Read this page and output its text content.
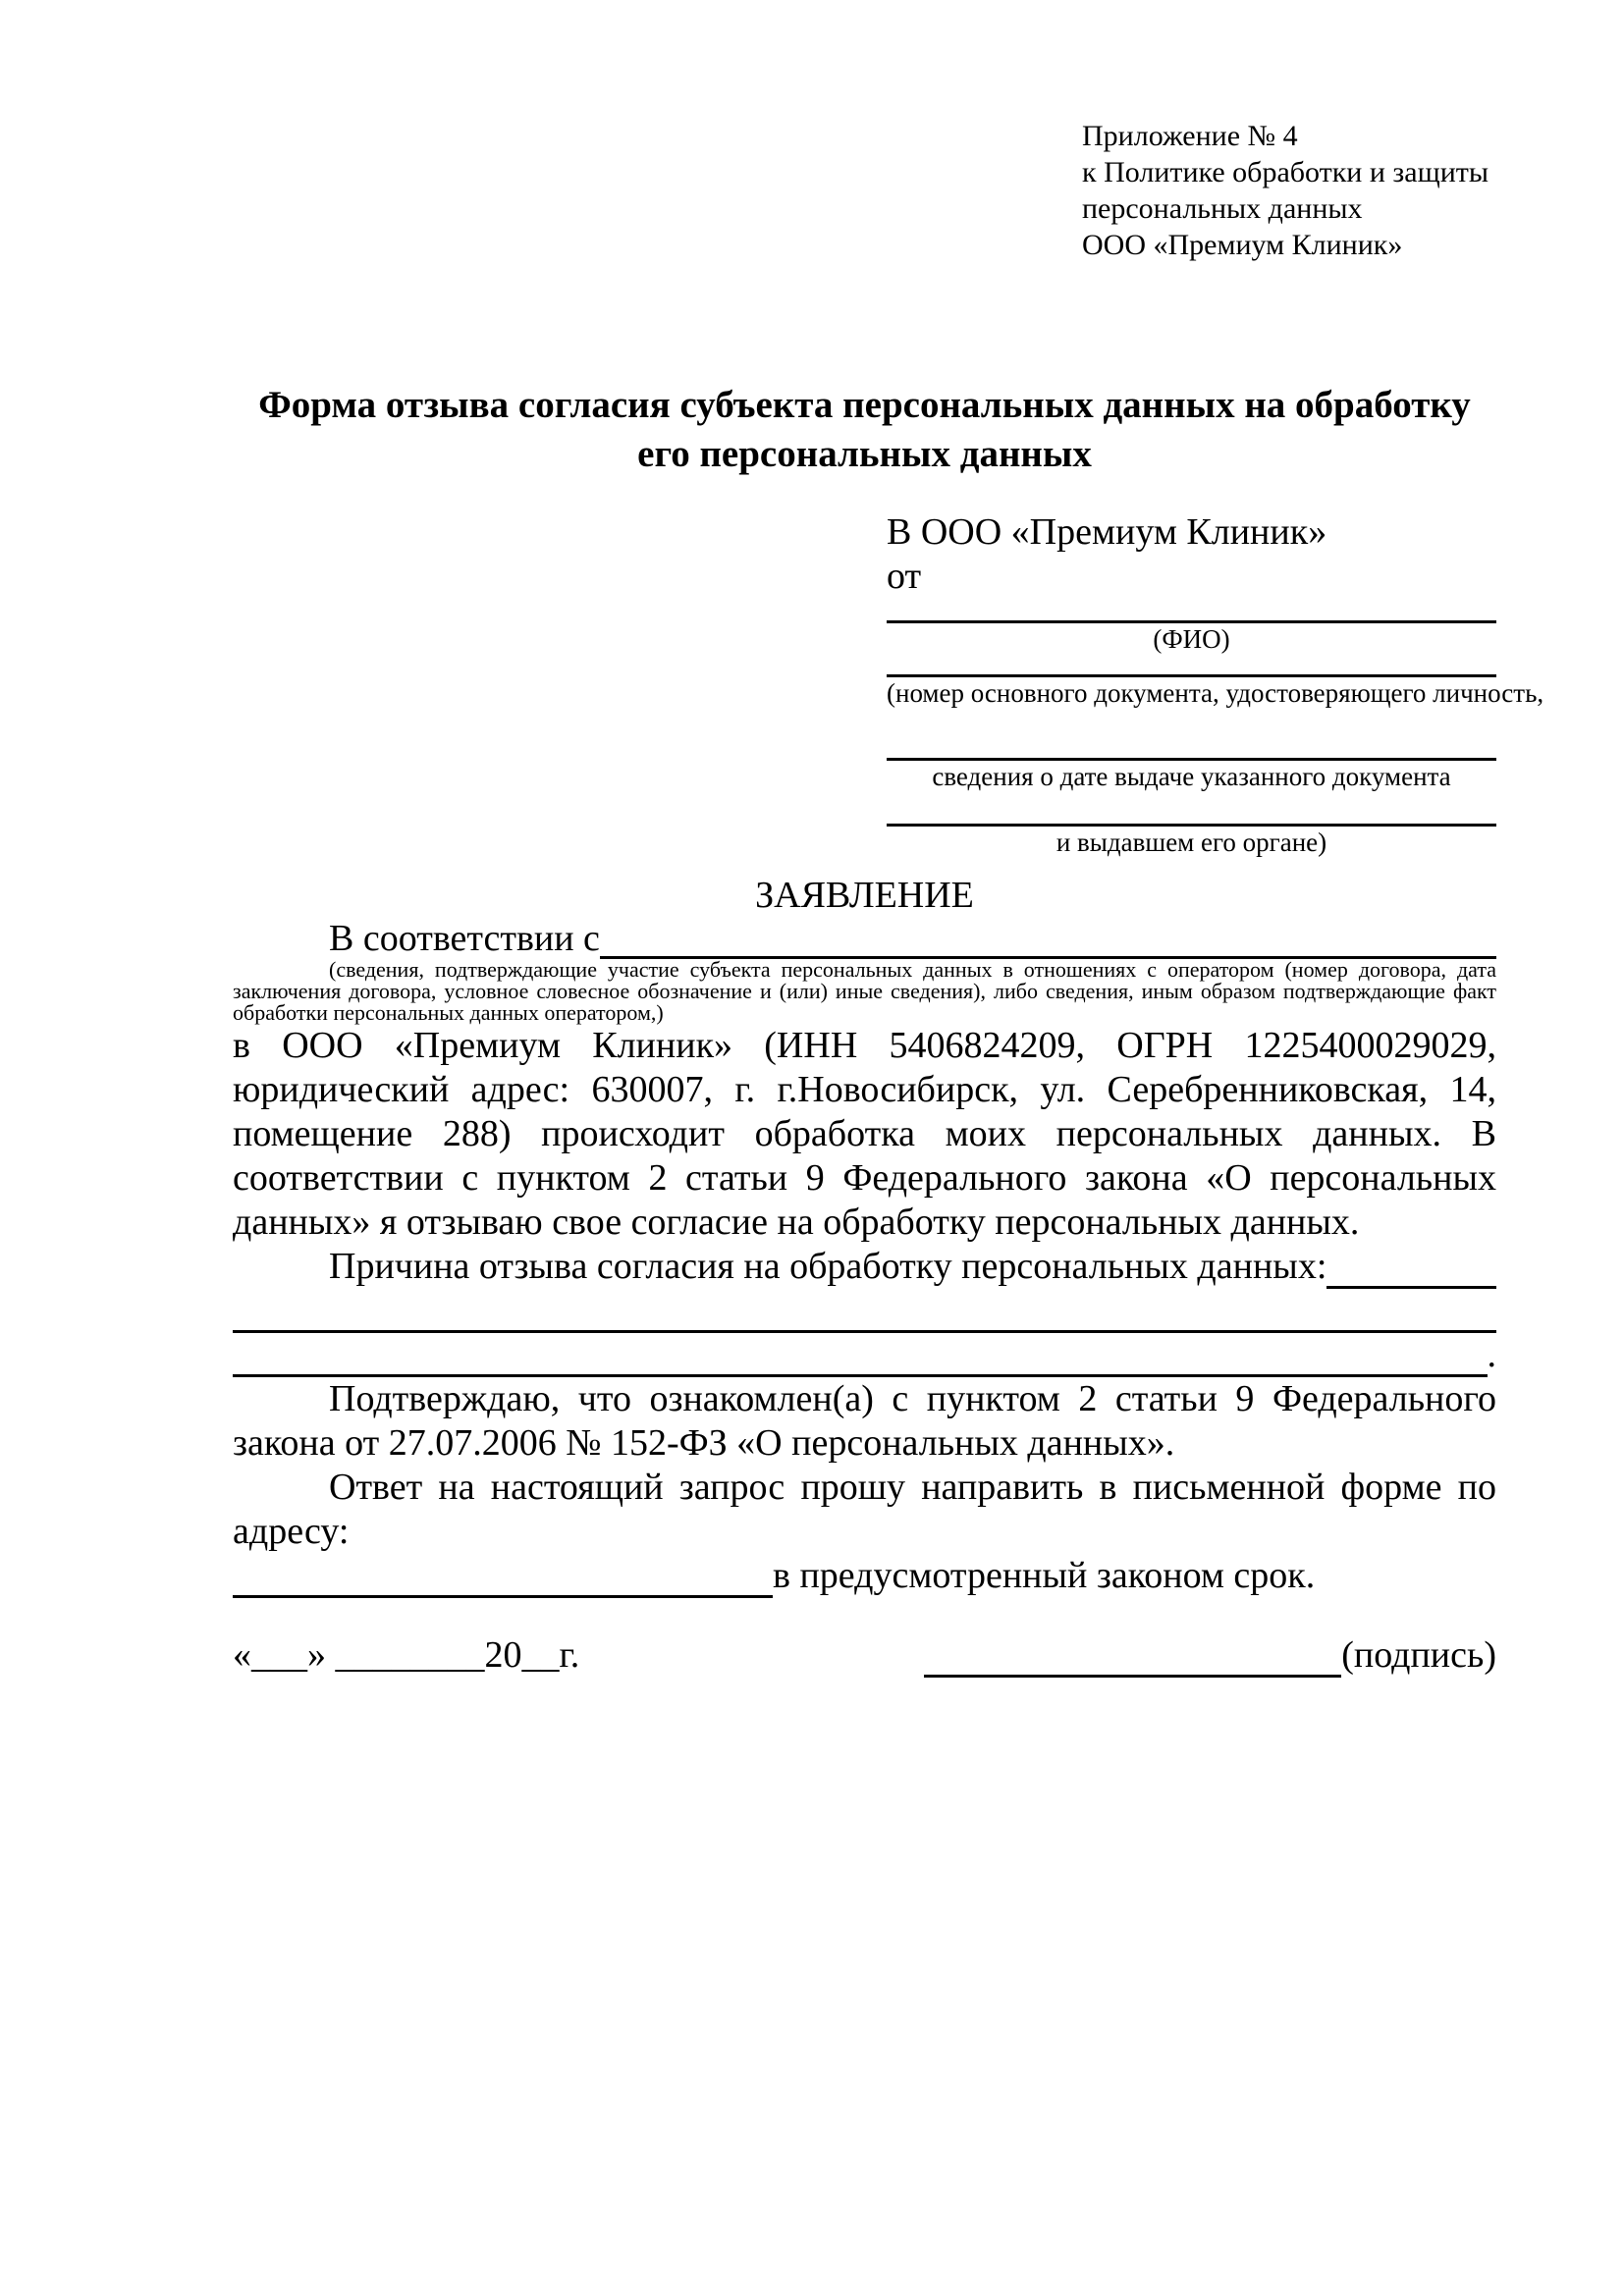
Приложение № 4
к Политике обработки и защиты
персональных данных
ООО «Премиум Клиник»
Форма отзыва согласия субъекта персональных данных на обработку его персональных данных
В ООО «Премиум Клиник»
от
(ФИО)
(номер основного документа, удостоверяющего личность,
сведения о дате выдаче указанного документа
и выдавшем его органе)
ЗАЯВЛЕНИЕ
В соответствии с

(сведения, подтверждающие участие субъекта персональных данных в отношениях с оператором (номер договора, дата заключения договора, условное словесное обозначение и (или) иные сведения), либо сведения, иным образом подтверждающие факт обработки персональных данных оператором,)

в ООО «Премиум Клиник» (ИНН 5406824209, ОГРН 1225400029029, юридический адрес: 630007, г. г.Новосибирск, ул. Серебренниковская, 14, помещение 288) происходит обработка моих персональных данных. В соответствии с пунктом 2 статьи 9 Федерального закона «О персональных данных» я отзываю свое согласие на обработку персональных данных.

Причина отзыва согласия на обработку персональных данных:
.

Подтверждаю, что ознакомлен(а) с пунктом 2 статьи 9 Федерального закона от 27.07.2006 № 152-ФЗ «О персональных данных».

Ответ на настоящий запрос прошу направить в письменной форме по адресу:

в предусмотренный законом срок.
«___» ________20__г.	(подпись)
